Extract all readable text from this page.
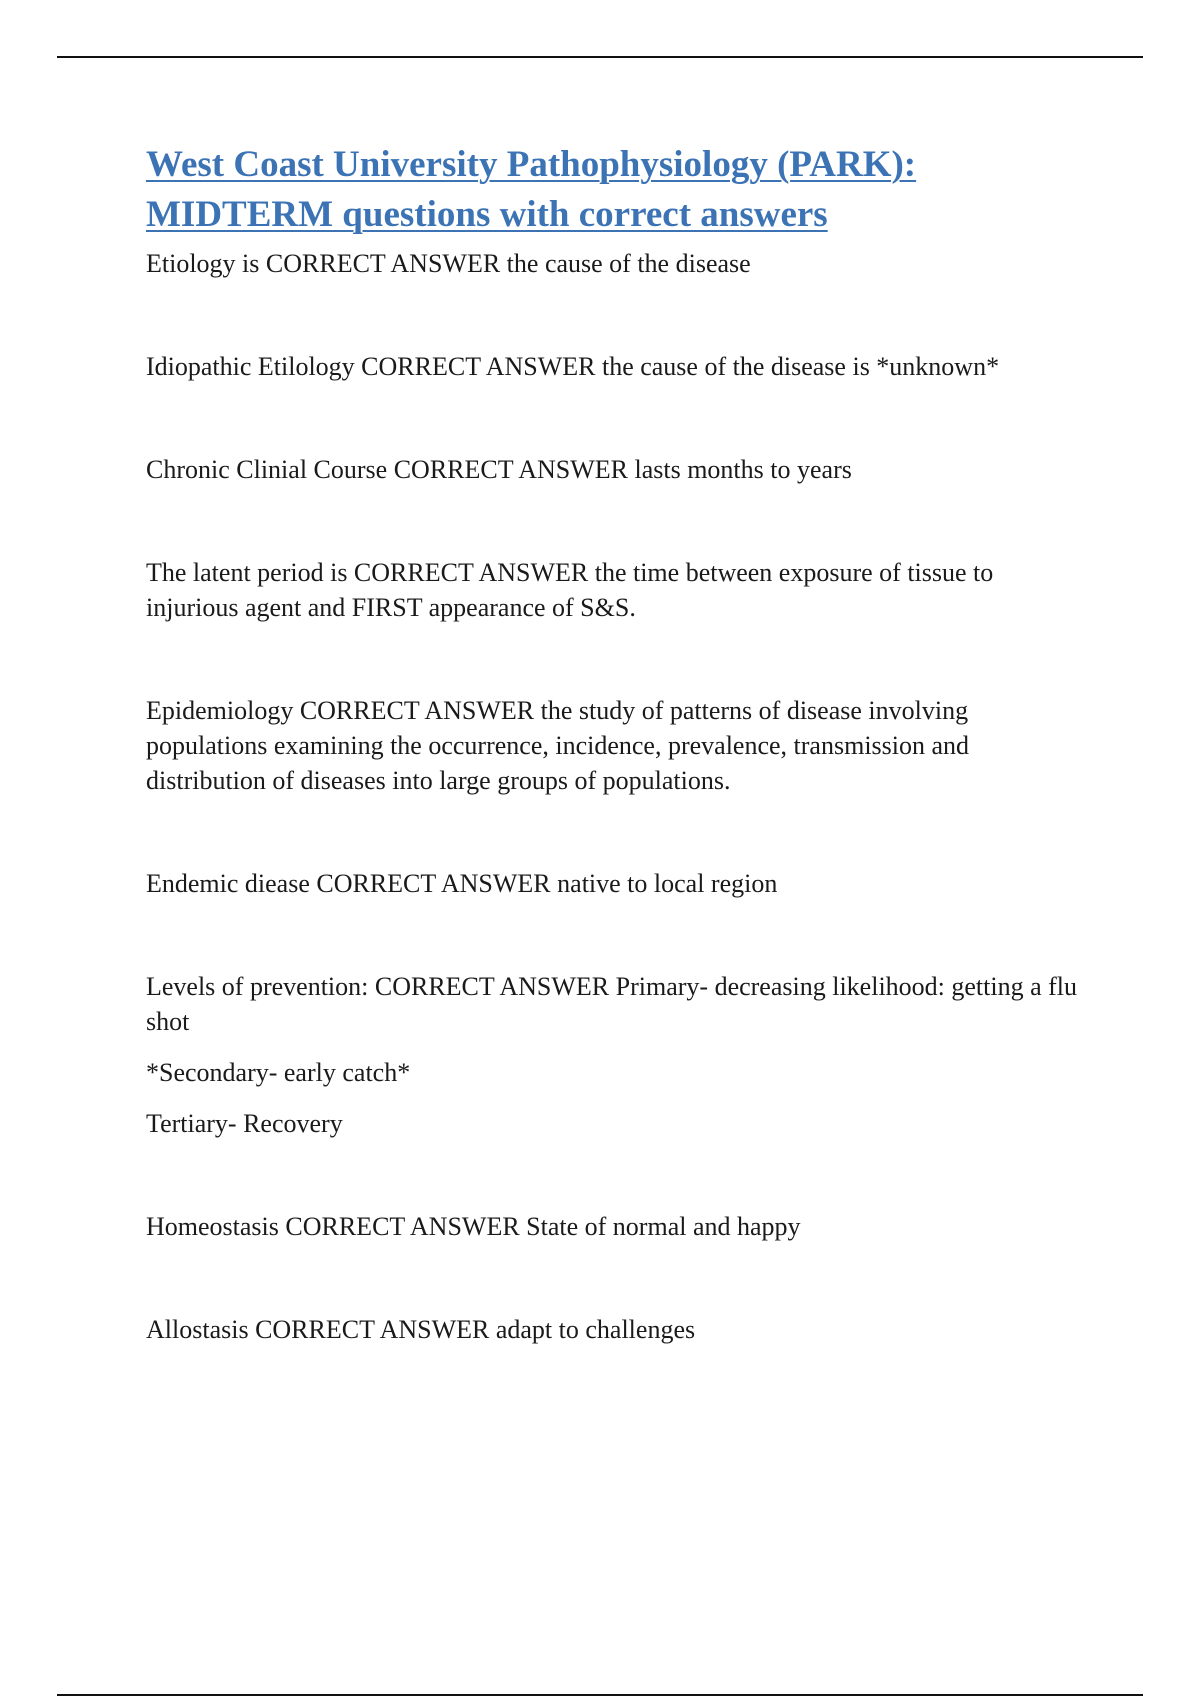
West Coast University Pathophysiology (PARK):
MIDTERM questions with correct answers

Etiology is CORRECT ANSWER the cause of the disease

Idiopathic Etilology CORRECT ANSWER the cause of the disease is *unknown*

Chronic Clinial Course CORRECT ANSWER lasts months to years

The latent period is CORRECT ANSWER the time between exposure of tissue to injurious agent and FIRST appearance of S&S.

Epidemiology CORRECT ANSWER the study of patterns of disease involving populations examining the occurrence, incidence, prevalence, transmission and distribution of diseases into large groups of populations.

Endemic diease CORRECT ANSWER native to local region

Levels of prevention: CORRECT ANSWER Primary- decreasing likelihood: getting a flu shot

*Secondary- early catch*

Tertiary- Recovery

Homeostasis CORRECT ANSWER State of normal and happy

Allostasis CORRECT ANSWER adapt to challenges
